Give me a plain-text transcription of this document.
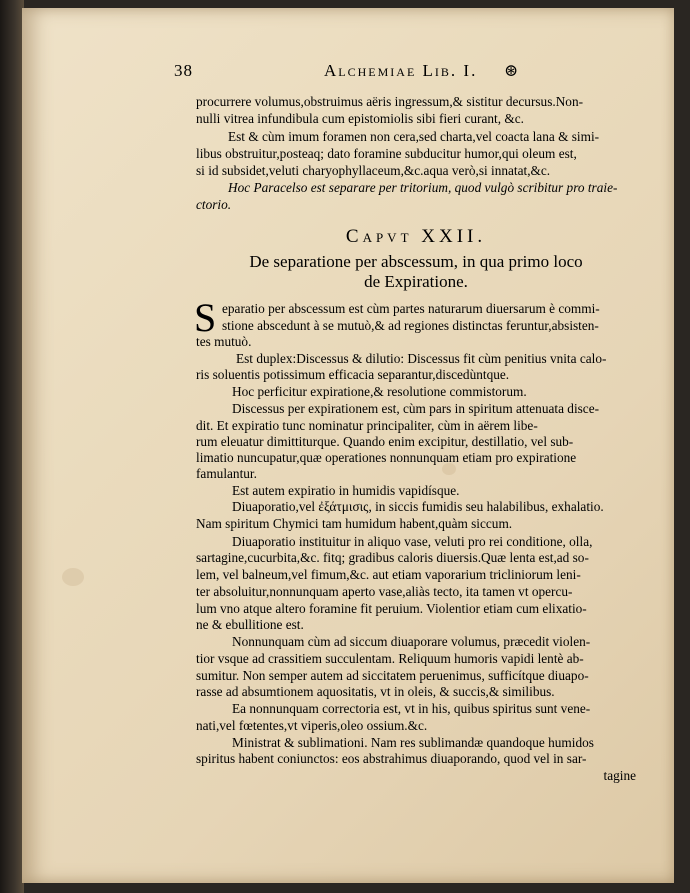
38	Alchemiae Lib. I. ⊛
procurrere volumus,obstruimus aëris ingressum,& sistitur decursus.Non-
nulli vitrea infundibula cum epistomiolis sibi fieri curant, &c.
Est & cùm imum foramen non cera,sed charta,vel coacta lana & simi-
libus obstruitur,posteaq; dato foramine subducitur humor,qui oleum est,
si id subsidet,veluti charyophyllaceum,&c.aqua verò,si innatat,&c.
Hoc Paracelso est separare per tritorium, quod vulgò scribitur pro traie-
ctorio.
Capvt XXII.
De separatione per abscessum, in qua primo loco
de Expiratione.
S eparatio per abscessum est cùm partes naturarum diuersarum è commi-
stione abscedunt à se mutuò,& ad regiones distinctas feruntur,absisten-
tes mutuò.
Est duplex:Discessus & dilutio: Discessus fit cùm penitius vnita calo-
ris soluentis potissimum efficacia separantur,discedùntque.
Hoc perficitur expiratione,& resolutione commistorum.
Discessus per expirationem est, cùm pars in spiritum attenuata disce-
dit. Et expiratio tunc nominatur principaliter, cùm in aërem libe-
rum eleuatur dimittiturque. Quando enim excipitur, destillatio, vel sub-
limatio nuncupatur,quæ operationes nonnunquam etiam pro expiratione
famulantur.
Est autem expiratio in humidis vapidísque.
Diuaporatio,vel ἐξάτμισις, in siccis fumidis seu halabilibus, exhalatio.
Nam spiritum Chymici tam humidum habent,quàm siccum.
Diuaporatio instituitur in aliquo vase, veluti pro rei conditione, olla,
sartagine,cucurbita,&c. fitq; gradibus caloris diuersis.Quæ lenta est,ad so-
lem, vel balneum,vel fimum,&c. aut etiam vaporarium tricliniorum leni-
ter absoluitur,nonnunquam aperto vase,aliàs tecto, ita tamen vt opercu-
lum vno atque altero foramine fit peruium. Violentior etiam cum elixatio-
ne & ebullitione est.
Nonnunquam cùm ad siccum diuaporare volumus, præcedit violen-
tior vsque ad crassitiem succulentam. Reliquum humoris vapidi lentè ab-
sumitur. Non semper autem ad siccitatem peruenimus, sufficítque diuapo-
rasse ad absumtionem aquositatis, vt in oleis, & succis,& similibus.
Ea nonnunquam correctoria est, vt in his, quibus spiritus sunt vene-
nati,vel fœtentes,vt viperis,oleo ossium.&c.
Ministrat & sublimationi. Nam res sublimandæ quandoque humidos
spiritus habent coniunctos: eos abstrahimus diuaporando, quod vel in sar-
tagine
